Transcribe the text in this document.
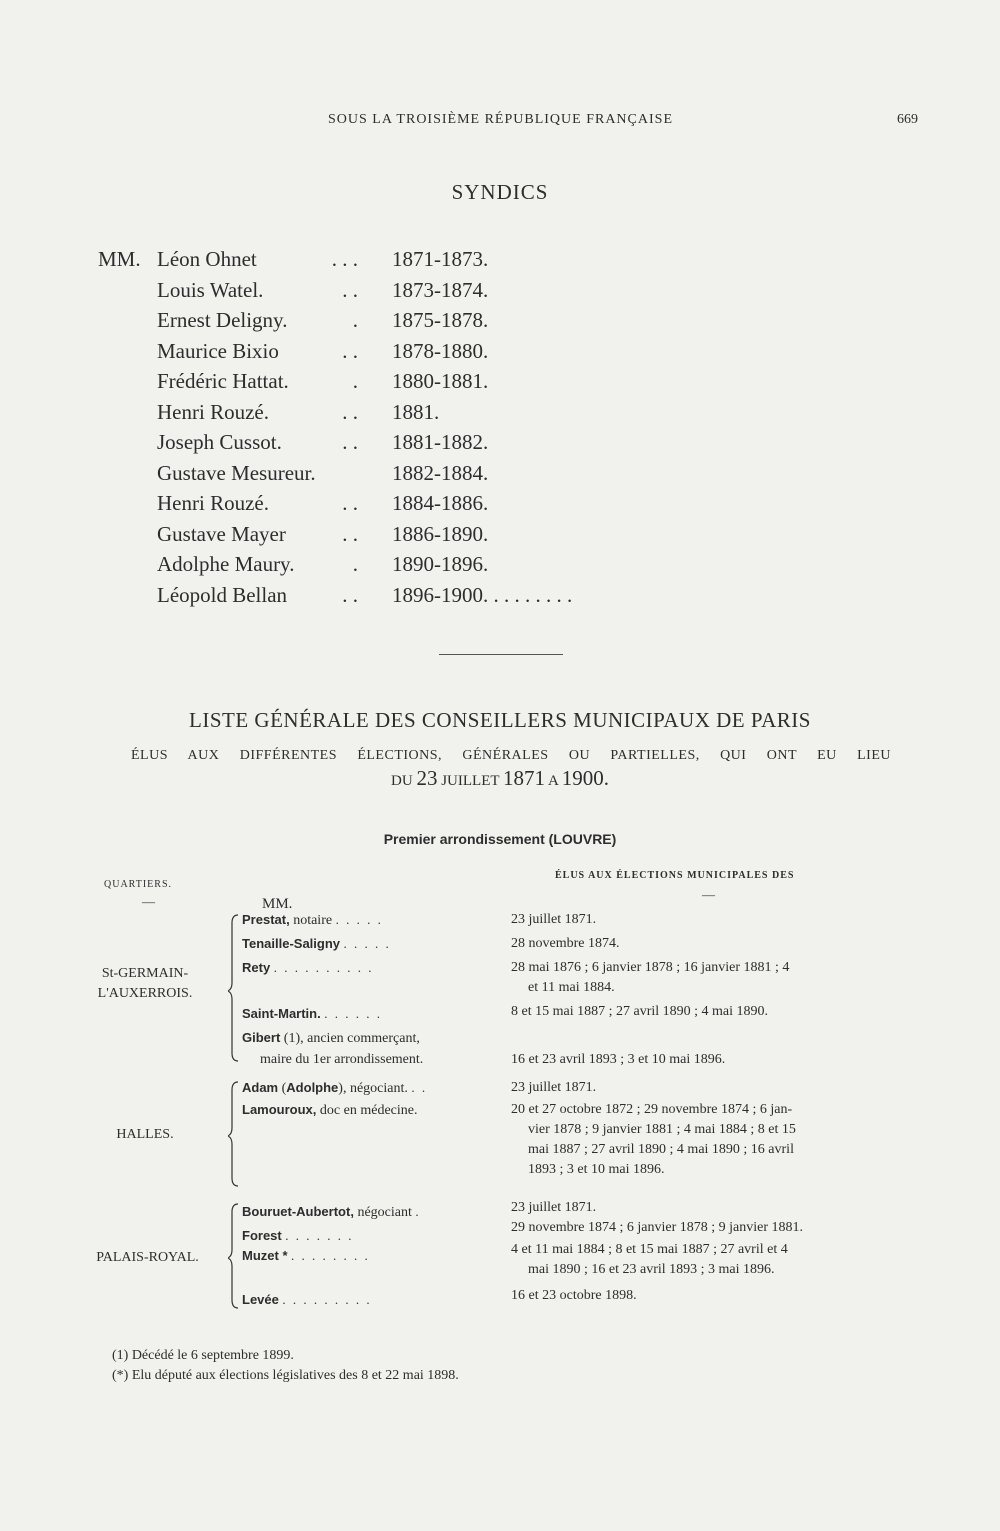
SOUS LA TROISIÈME RÉPUBLIQUE FRANÇAISE	669
SYNDICS
MM. Léon Ohnet
Louis Watel.
Ernest Deligny.
Maurice Bixio
Frédéric Hattat.
Henri Rouzé.
Joseph Cussot.
Gustave Mesureur.
Henri Rouzé.
Gustave Mayer
Adolphe Maury.
Léopold Bellan
. . .
. .
.
. .
.
. .
. .
. .
. .
.
. .
1871-1873.
1873-1874.
1875-1878.
1878-1880.
1880-1881.
1881.
1881-1882.
1882-1884.
1884-1886.
1886-1890.
1890-1896.
1896-1900. . . . . . . . .
LISTE GÉNÉRALE DES CONSEILLERS MUNICIPAUX DE PARIS
ÉLUS AUX DIFFÉRENTES ÉLECTIONS, GÉNÉRALES OU PARTIELLES, QUI ONT EU LIEU
DU 23 JUILLET 1871 A 1900.
Premier arrondissement (LOUVRE)
QUARTIERS.
—
ÉLUS AUX ÉLECTIONS MUNICIPALES DES
—
MM.
St-GERMAIN-
L'AUXERROIS.
Prestat, notaire . . . . .
Tenaille-Saligny . . . . .
Rety . . . . . . . . . .
Saint-Martin. . . . . . .
Gibert (1), ancien commerçant,
maire du 1er arrondissement.
23 juillet 1871.
28 novembre 1874.
28 mai 1876 ; 6 janvier 1878 ; 16 janvier 1881 ; 4
et 11 mai 1884.
8 et 15 mai 1887 ; 27 avril 1890 ; 4 mai 1890.
16 et 23 avril 1893 ; 3 et 10 mai 1896.
HALLES.
Adam (Adolphe), négociant. . .
Lamouroux, doc en médecine.
23 juillet 1871.
20 et 27 octobre 1872 ; 29 novembre 1874 ; 6 jan-
vier 1878 ; 9 janvier 1881 ; 4 mai 1884 ; 8 et 15
mai 1887 ; 27 avril 1890 ; 4 mai 1890 ; 16 avril
1893 ; 3 et 10 mai 1896.
PALAIS-ROYAL.
Bouruet-Aubertot, négociant .
Forest . . . . . . .
Muzet * . . . . . . . .
Levée . . . . . . . . .
23 juillet 1871.
29 novembre 1874 ; 6 janvier 1878 ; 9 janvier 1881.
4 et 11 mai 1884 ; 8 et 15 mai 1887 ; 27 avril et 4
mai 1890 ; 16 et 23 avril 1893 ; 3 mai 1896.
16 et 23 octobre 1898.
(1) Décédé le 6 septembre 1899.
(*) Elu député aux élections législatives des 8 et 22 mai 1898.
